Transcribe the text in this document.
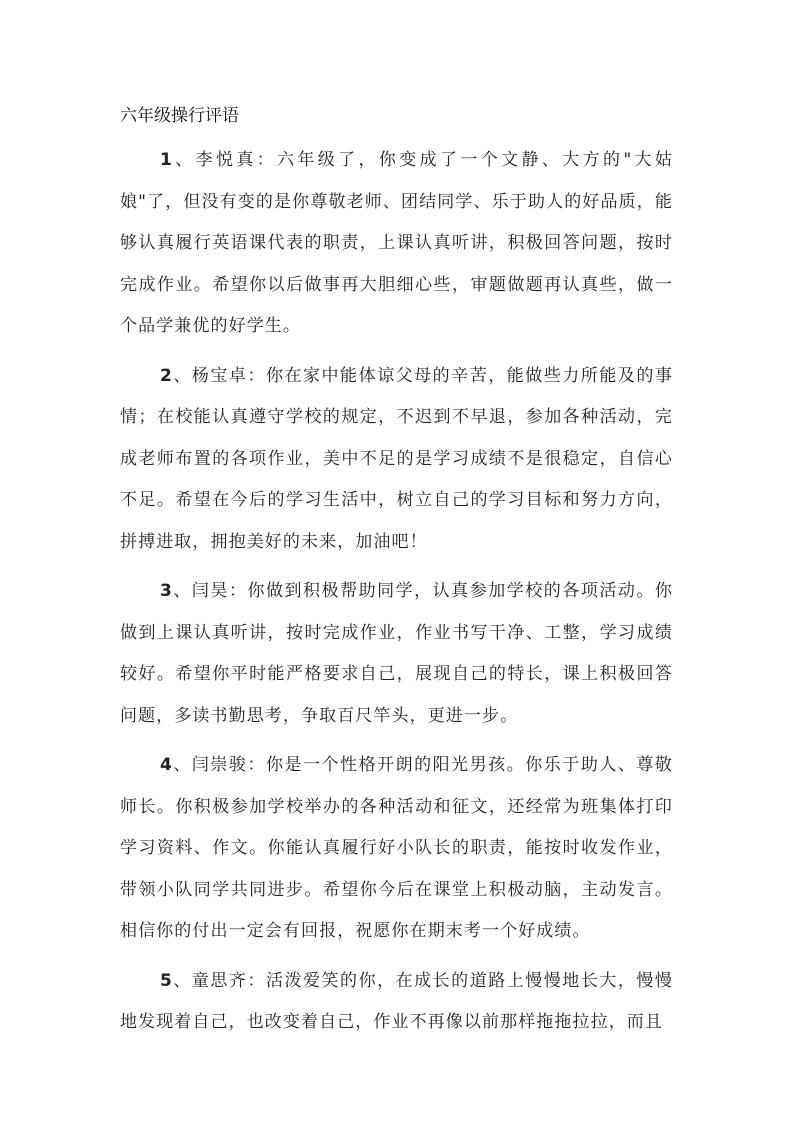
六年级操行评语

1、李悦真：六年级了，你变成了一个文静、大方的"大姑娘"了，但没有变的是你尊敬老师、团结同学、乐于助人的好品质，能够认真履行英语课代表的职责，上课认真听讲，积极回答问题，按时完成作业。希望你以后做事再大胆细心些，审题做题再认真些，做一个品学兼优的好学生。

2、杨宝卓：你在家中能体谅父母的辛苦，能做些力所能及的事情；在校能认真遵守学校的规定，不迟到不早退，参加各种活动，完成老师布置的各项作业，美中不足的是学习成绩不是很稳定，自信心不足。希望在今后的学习生活中，树立自己的学习目标和努力方向，拼搏进取，拥抱美好的未来，加油吧！

3、闫昊：你做到积极帮助同学，认真参加学校的各项活动。你做到上课认真听讲，按时完成作业，作业书写干净、工整，学习成绩较好。希望你平时能严格要求自己，展现自己的特长，课上积极回答问题，多读书勤思考，争取百尺竿头，更进一步。

4、闫崇骏：你是一个性格开朗的阳光男孩。你乐于助人、尊敬师长。你积极参加学校举办的各种活动和征文，还经常为班集体打印学习资料、作文。你能认真履行好小队长的职责，能按时收发作业，带领小队同学共同进步。希望你今后在课堂上积极动脑，主动发言。相信你的付出一定会有回报，祝愿你在期末考一个好成绩。

5、童思齐：活泼爱笑的你，在成长的道路上慢慢地长大，慢慢地发现着自己，也改变着自己，作业不再像以前那样拖拖拉拉，而且
